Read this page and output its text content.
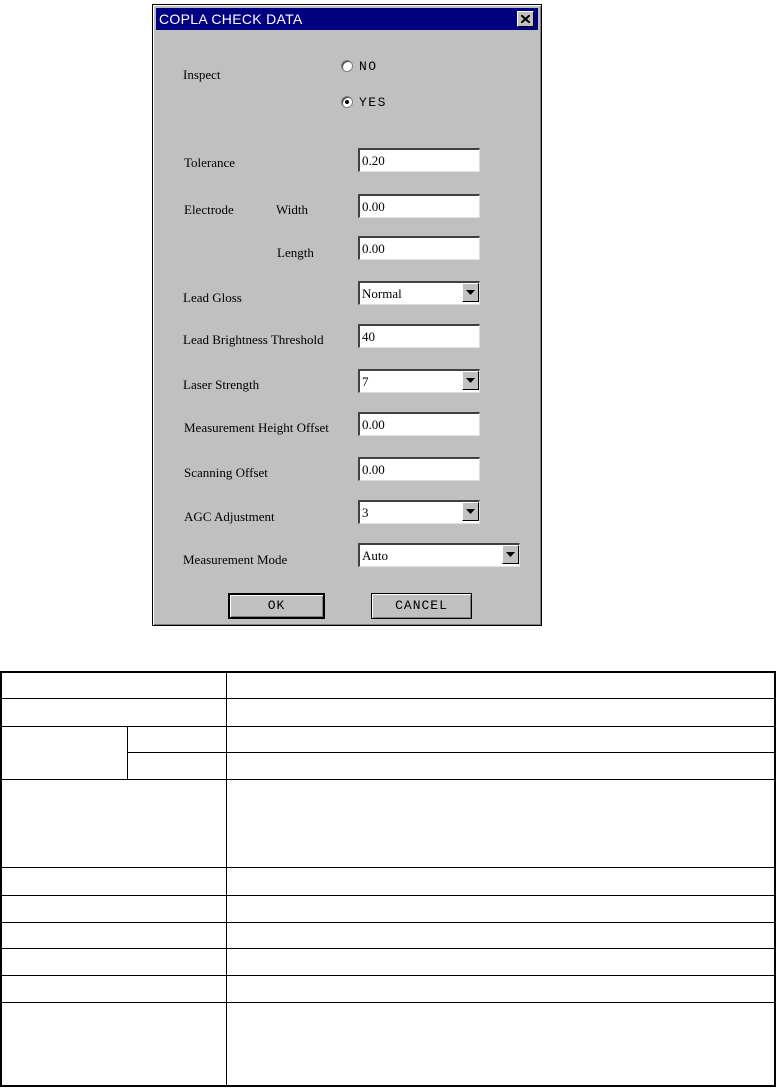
COPLA CHECK DATA
Inspect
NO
YES
Tolerance	0.20
Electrode	Width	0.00
Length	0.00
Lead Gloss	Normal
Lead Brightness Threshold	40
Laser Strength	7
Measurement Height Offset	0.00
Scanning Offset	0.00
AGC Adjustment	3
Measurement Mode	Auto
OK	CANCEL
